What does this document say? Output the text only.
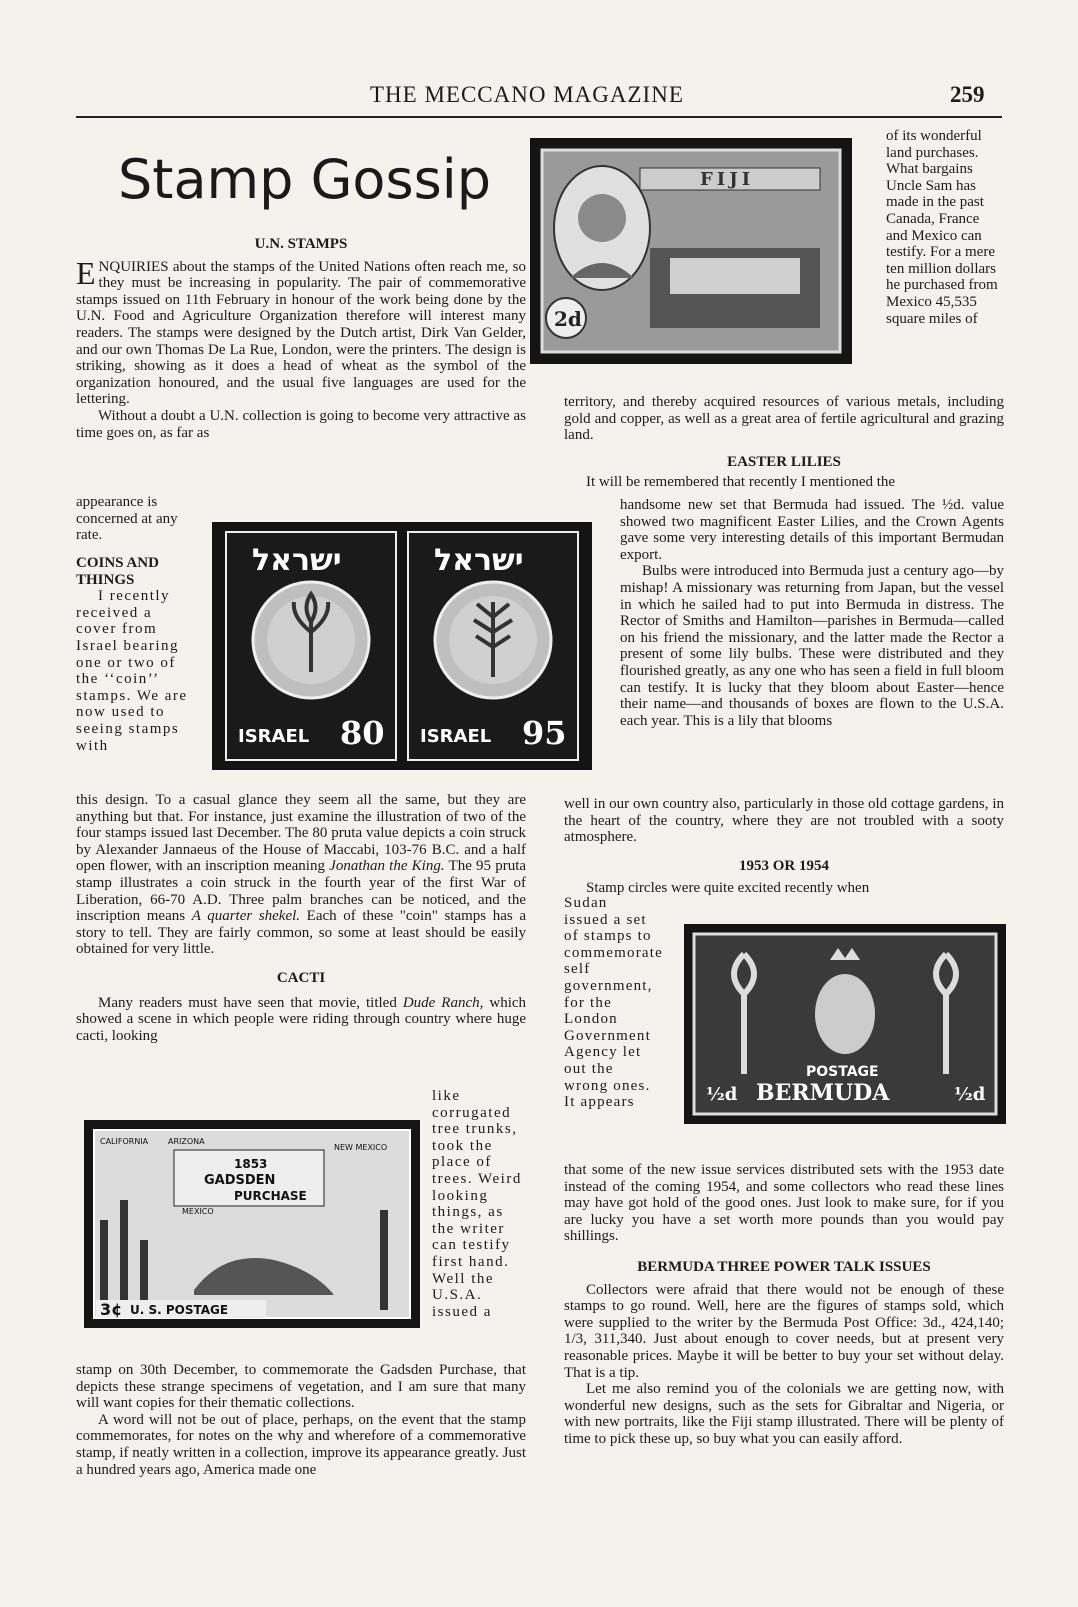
THE MECCANO MAGAZINE	259
Stamp Gossip

U.N. STAMPS

ENQUIRIES about the stamps of the United Nations often reach me, so they must be increasing in popularity. The pair of commemorative stamps issued on 11th February in honour of the work being done by the U.N. Food and Agriculture Organization therefore will interest many readers. The stamps were designed by the Dutch artist, Dirk Van Gelder, and our own Thomas De La Rue, London, were the printers. The design is striking, showing as it does a head of wheat as the symbol of the organization honoured, and the usual five languages are used for the lettering.

Without a doubt a U.N. collection is going to become very attractive as time goes on, as far as

appearance is concerned at any rate.

COINS AND THINGS

I recently received a cover from Israel bearing one or two of the ‘‘coin’’ stamps. We are now used to seeing stamps with

ישראל	ישראל
ISRAEL 80 ISRAEL 95

this design. To a casual glance they seem all the same, but they are anything but that. For instance, just examine the illustration of two of the four stamps issued last December. The 80 pruta value depicts a coin struck by Alexander Jannaeus of the House of Maccabi, 103-76 B.C. and a half open flower, with an inscription meaning Jonathan the King. The 95 pruta stamp illustrates a coin struck in the fourth year of the first War of Liberation, 66-70 A.D. Three palm branches can be noticed, and the inscription means A quarter shekel. Each of these "coin" stamps has a story to tell. They are fairly common, so some at least should be easily obtained for very little.

CACTI

Many readers must have seen that movie, titled Dude Ranch, which showed a scene in which people were riding through country where huge cacti, looking

1853
GADSDEN
PURCHASE
CALIFORNIA ARIZONA
NEW MEXICO
MEXICO
3¢ U. S. POSTAGE
like corrugated tree trunks, took the place of trees. Weird looking things, as the writer can testify first hand. Well the U.S.A. issued a

stamp on 30th December, to commemorate the Gadsden Purchase, that depicts these strange specimens of vegetation, and I am sure that many will want copies for their thematic collections.

A word will not be out of place, perhaps, on the event that the stamp commemorates, for notes on the why and wherefore of a commemorative stamp, if neatly written in a collection, improve its appearance greatly. Just a hundred years ago, America made one

FIJI
2d
of its wonderful land purchases. What bargains Uncle Sam has made in the past Canada, France and Mexico can testify. For a mere ten million dollars he purchased from Mexico 45,535 square miles of

territory, and thereby acquired resources of various metals, including gold and copper, as well as a great area of fertile agricultural and grazing land.

EASTER LILIES

It will be remembered that recently I mentioned the

handsome new set that Bermuda had issued. The ½d. value showed two magnificent Easter Lilies, and the Crown Agents gave some very interesting details of this important Bermudan export.

Bulbs were introduced into Bermuda just a century ago—by mishap! A missionary was returning from Japan, but the vessel in which he sailed had to put into Bermuda in distress. The Rector of Smiths and Hamilton—parishes in Bermuda—called on his friend the missionary, and the latter made the Rector a present of some lily bulbs. These were distributed and they flourished greatly, as any one who has seen a field in full bloom can testify. It is lucky that they bloom about Easter—hence their name—and thousands of boxes are flown to the U.S.A. each year. This is a lily that blooms

well in our own country also, particularly in those old cottage gardens, in the heart of the country, where they are not troubled with a sooty atmosphere.

1953 OR 1954

Stamp circles were quite excited recently when

Sudan issued a set of stamps to commemorate self government, for the London Government Agency let out the wrong ones. It appears
POSTAGE
BERMUDA
½d	½d

that some of the new issue services distributed sets with the 1953 date instead of the coming 1954, and some collectors who read these lines may have got hold of the good ones. Just look to make sure, for if you are lucky you have a set worth more pounds than you would pay shillings.

BERMUDA THREE POWER TALK ISSUES

Collectors were afraid that there would not be enough of these stamps to go round. Well, here are the figures of stamps sold, which were supplied to the writer by the Bermuda Post Office: 3d., 424,140; 1/3, 311,340. Just about enough to cover needs, but at present very reasonable prices. Maybe it will be better to buy your set without delay. That is a tip.

Let me also remind you of the colonials we are getting now, with wonderful new designs, such as the sets for Gibraltar and Nigeria, or with new portraits, like the Fiji stamp illustrated. There will be plenty of time to pick these up, so buy what you can easily afford.
